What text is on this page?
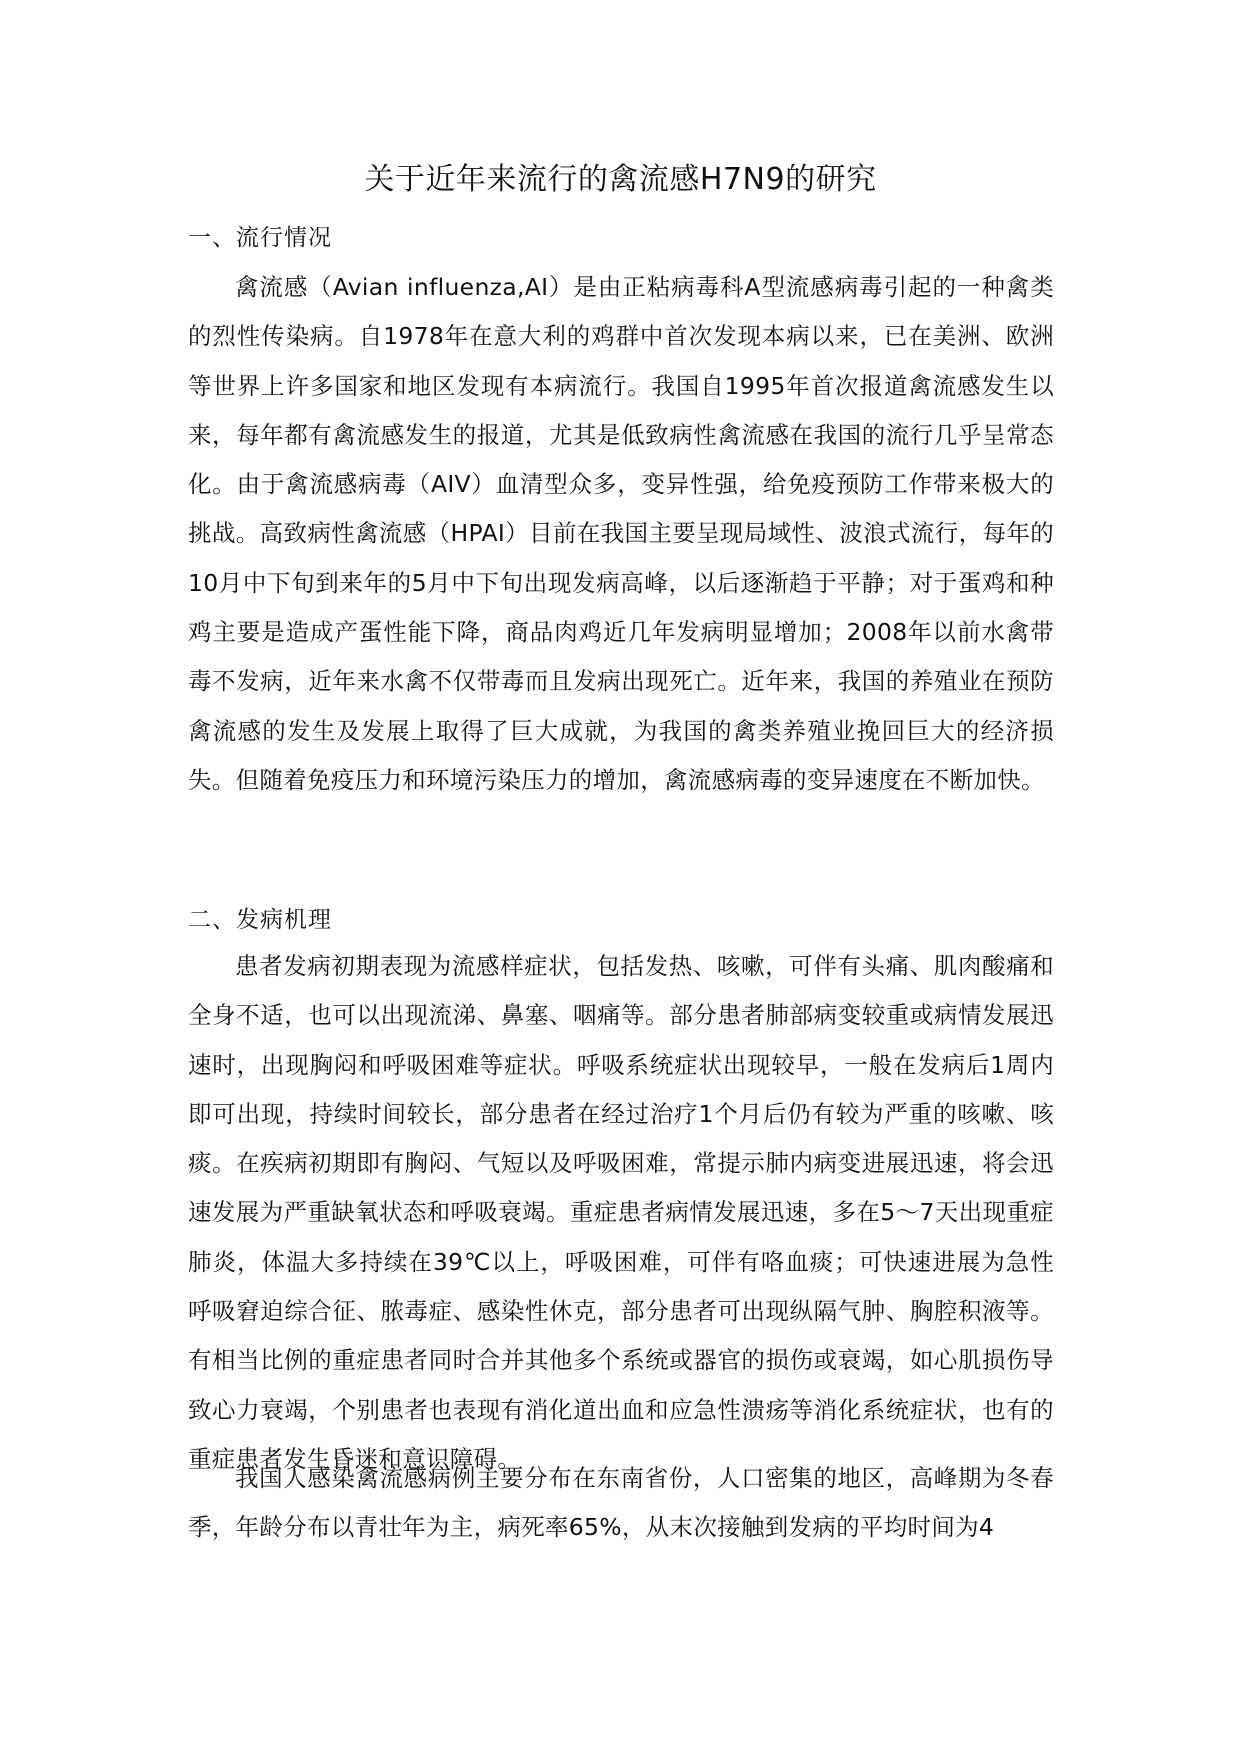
关于近年来流行的禽流感H7N9的研究
一、流行情况

禽流感（Avian influenza,AI）是由正粘病毒科A型流感病毒引起的一种禽类的烈性传染病。自1978年在意大利的鸡群中首次发现本病以来，已在美洲、欧洲等世界上许多国家和地区发现有本病流行。我国自1995年首次报道禽流感发生以来，每年都有禽流感发生的报道，尤其是低致病性禽流感在我国的流行几乎呈常态化。由于禽流感病毒（AIV）血清型众多，变异性强，给免疫预防工作带来极大的挑战。高致病性禽流感（HPAI）目前在我国主要呈现局域性、波浪式流行，每年的10月中下旬到来年的5月中下旬出现发病高峰，以后逐渐趋于平静；对于蛋鸡和种鸡主要是造成产蛋性能下降，商品肉鸡近几年发病明显增加；2008年以前水禽带毒不发病，近年来水禽不仅带毒而且发病出现死亡。近年来，我国的养殖业在预防禽流感的发生及发展上取得了巨大成就，为我国的禽类养殖业挽回巨大的经济损失。但随着免疫压力和环境污染压力的增加，禽流感病毒的变异速度在不断加快。

二、发病机理

患者发病初期表现为流感样症状，包括发热、咳嗽，可伴有头痛、肌肉酸痛和全身不适，也可以出现流涕、鼻塞、咽痛等。部分患者肺部病变较重或病情发展迅速时，出现胸闷和呼吸困难等症状。呼吸系统症状出现较早，一般在发病后1周内即可出现，持续时间较长，部分患者在经过治疗1个月后仍有较为严重的咳嗽、咳痰。在疾病初期即有胸闷、气短以及呼吸困难，常提示肺内病变进展迅速，将会迅速发展为严重缺氧状态和呼吸衰竭。重症患者病情发展迅速，多在5～7天出现重症肺炎，体温大多持续在39℃以上，呼吸困难，可伴有咯血痰；可快速进展为急性呼吸窘迫综合征、脓毒症、感染性休克，部分患者可出现纵隔气肿、胸腔积液等。有相当比例的重症患者同时合并其他多个系统或器官的损伤或衰竭，如心肌损伤导致心力衰竭，个别患者也表现有消化道出血和应急性溃疡等消化系统症状，也有的重症患者发生昏迷和意识障碍。

我国人感染禽流感病例主要分布在东南省份，人口密集的地区，高峰期为冬春季，年龄分布以青壮年为主，病死率65%，从末次接触到发病的平均时间为4
